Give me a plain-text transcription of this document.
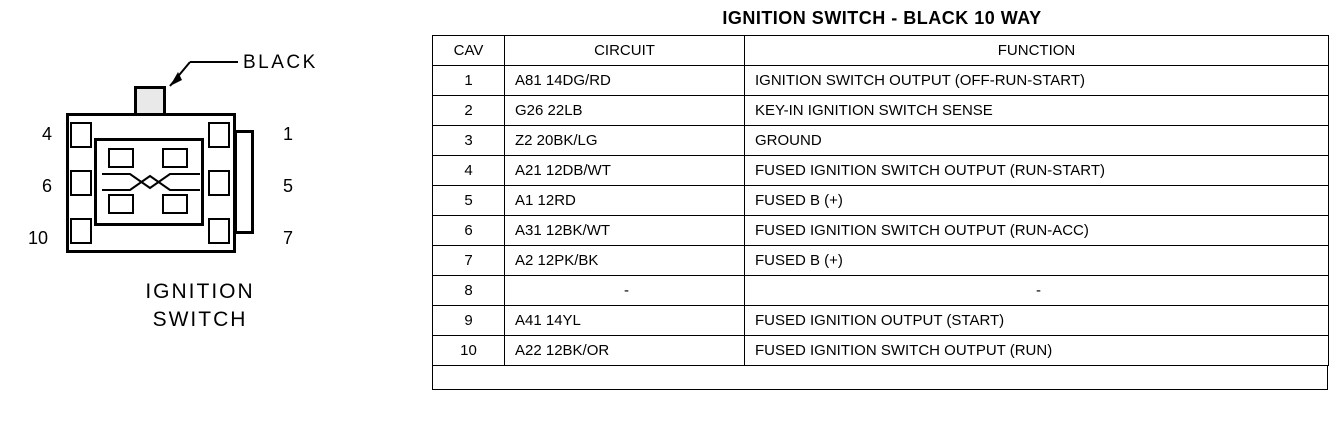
BLACK
4
6
10
1
5
7
IGNITION
SWITCH
IGNITION SWITCH - BLACK 10 WAY
CAV	CIRCUIT	FUNCTION
1	A81 14DG/RD	IGNITION SWITCH OUTPUT (OFF-RUN-START)
2	G26 22LB	KEY-IN IGNITION SWITCH SENSE
3	Z2 20BK/LG	GROUND
4	A21 12DB/WT	FUSED IGNITION SWITCH OUTPUT (RUN-START)
5	A1 12RD	FUSED B (+)
6	A31 12BK/WT	FUSED IGNITION SWITCH OUTPUT (RUN-ACC)
7	A2 12PK/BK	FUSED B (+)
8	-	-
9	A41 14YL	FUSED IGNITION OUTPUT (START)
10	A22 12BK/OR	FUSED IGNITION SWITCH OUTPUT (RUN)
